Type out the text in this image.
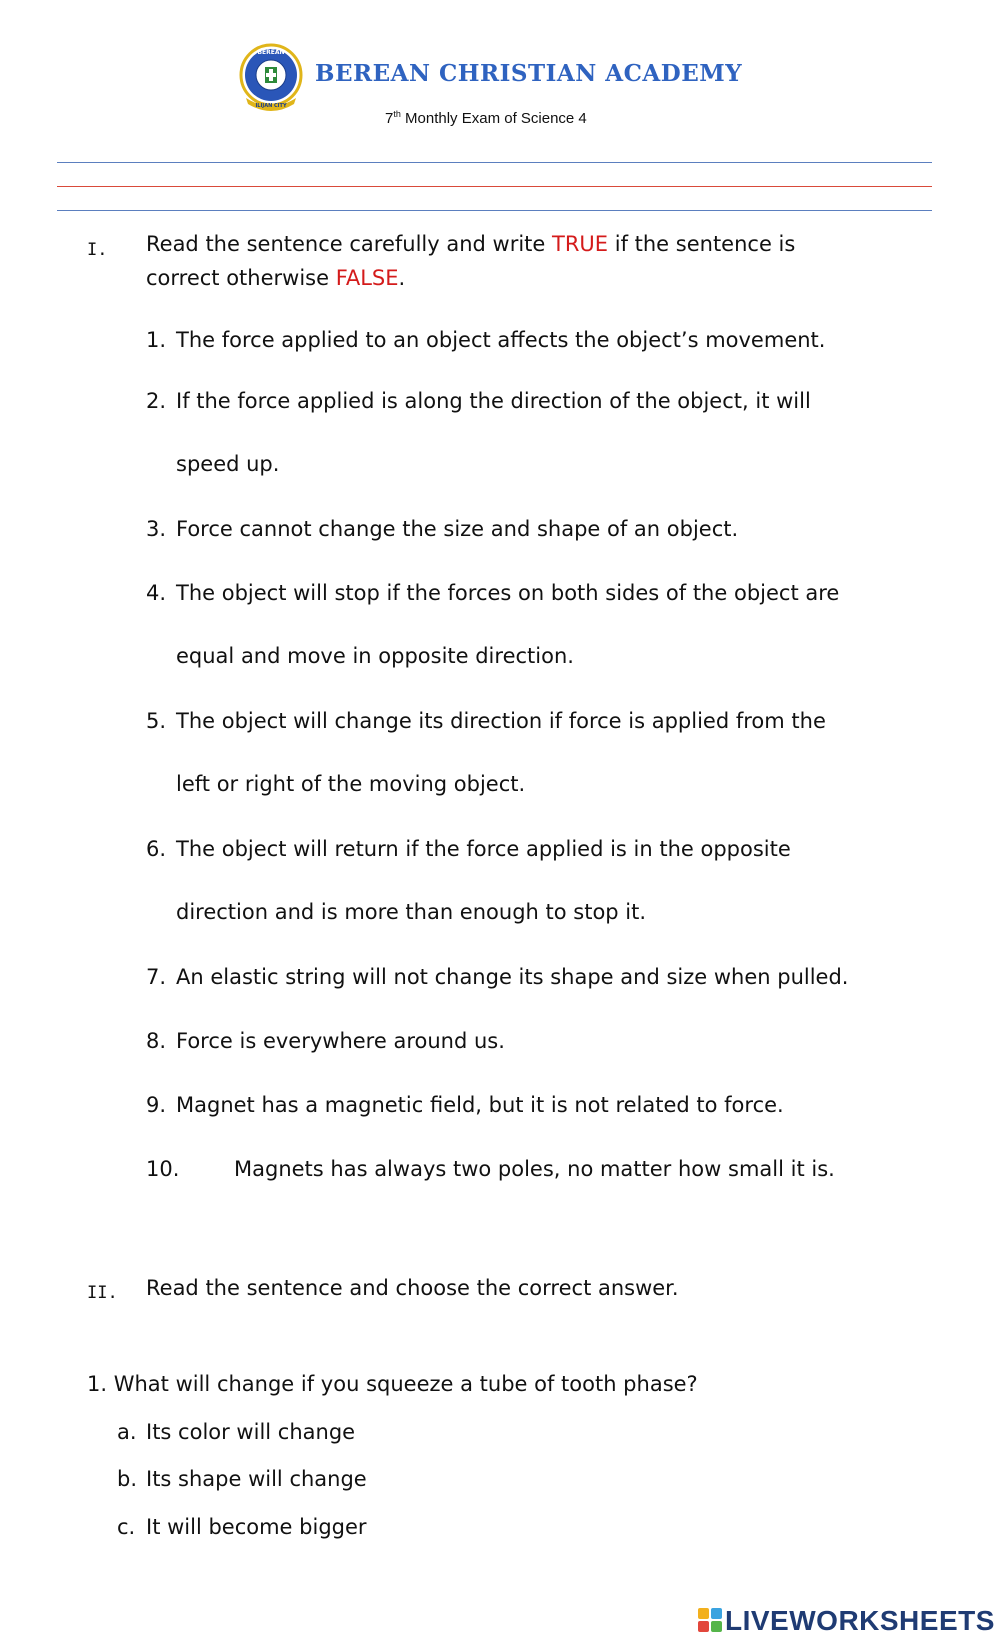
BEREAN
ILIJAN CITY
BEREAN CHRISTIAN ACADEMY
7th Monthly Exam of Science 4
I. Read the sentence carefully and write TRUE if the sentence is
correct otherwise FALSE.
1. The force applied to an object affects the object’s movement.
2. If the force applied is along the direction of the object, it will
speed up.
3. Force cannot change the size and shape of an object.
4. The object will stop if the forces on both sides of the object are
equal and move in opposite direction.
5. The object will change its direction if force is applied from the
left or right of the moving object.
6. The object will return if the force applied is in the opposite
direction and is more than enough to stop it.
7. An elastic string will not change its shape and size when pulled.
8. Force is everywhere around us.
9. Magnet has a magnetic field, but it is not related to force.
10.	Magnets has always two poles, no matter how small it is.
II. Read the sentence and choose the correct answer.
1. What will change if you squeeze a tube of tooth phase?
a. Its color will change
b. Its shape will change
c. It will become bigger
LIVEWORKSHEETS
